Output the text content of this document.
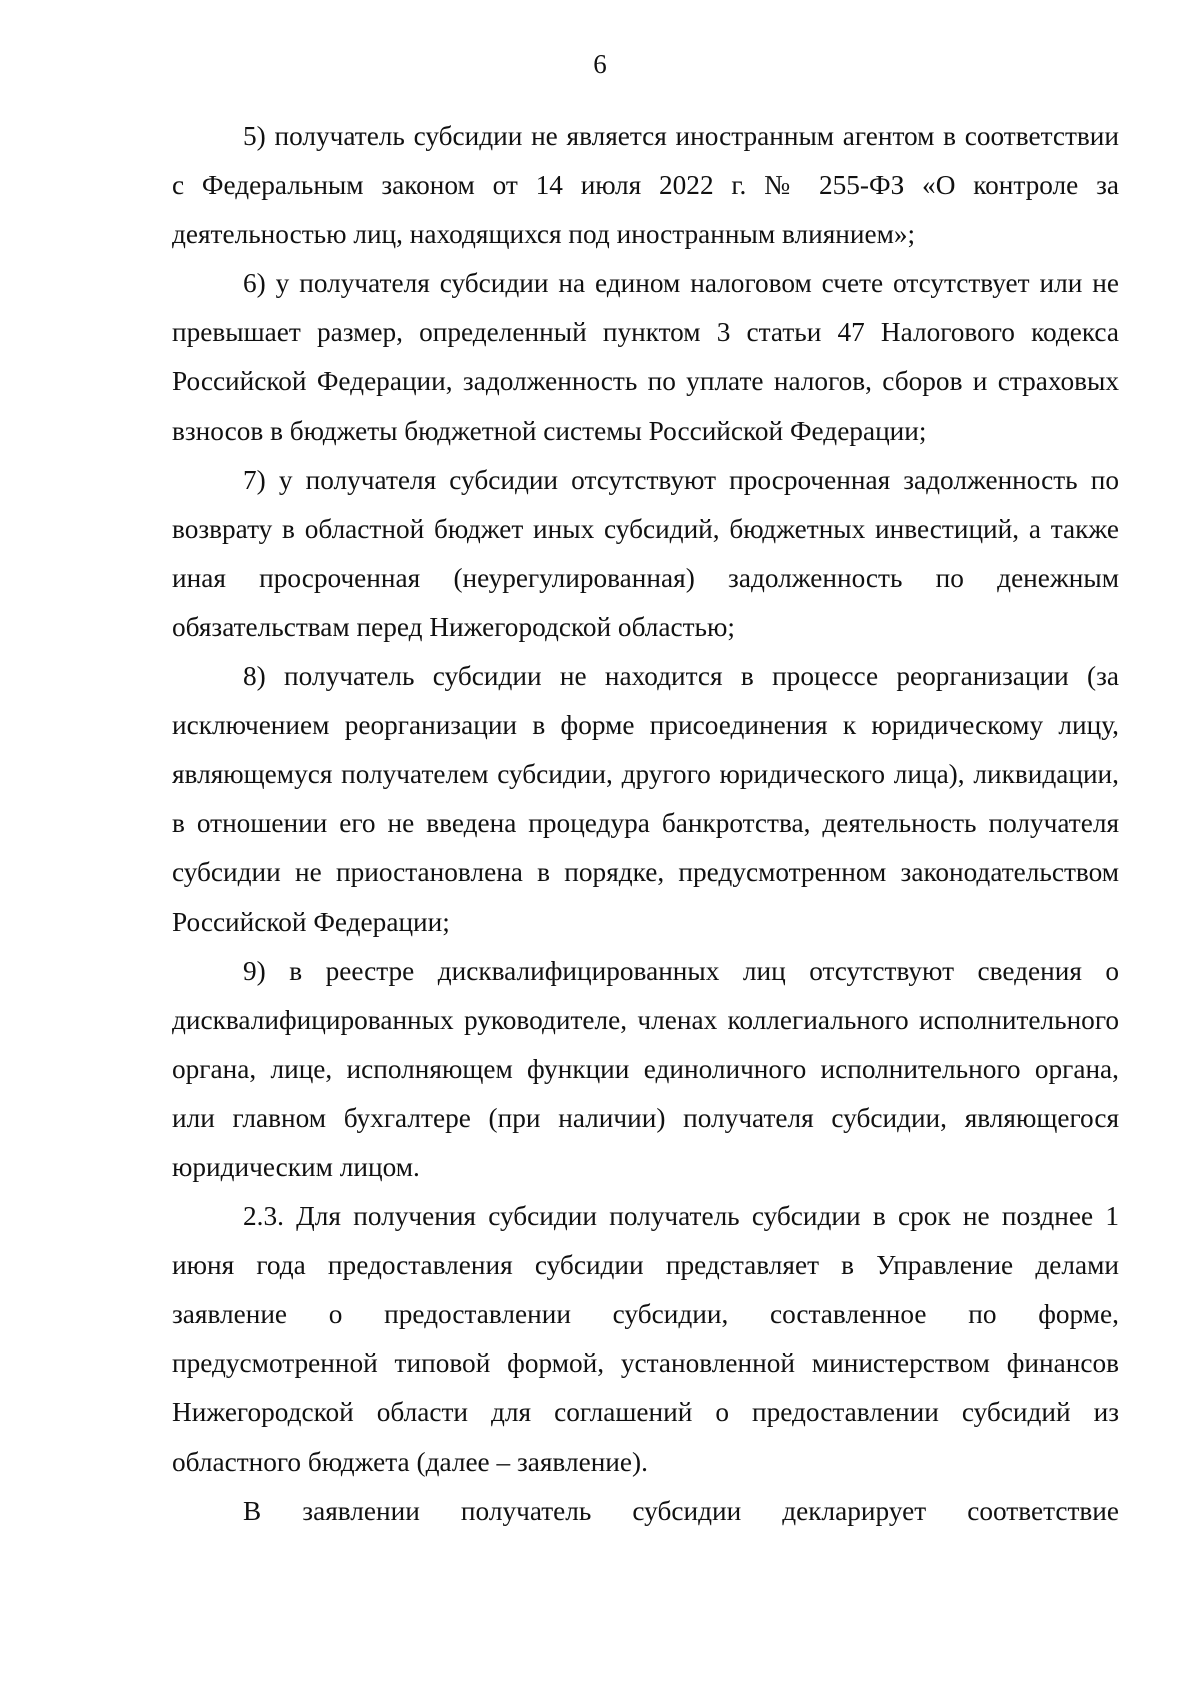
6

5) получатель субсидии не является иностранным агентом в соответствии с Федеральным законом от 14 июля 2022 г. № 255-ФЗ «О контроле за деятельностью лиц, находящихся под иностранным влиянием»;

6) у получателя субсидии на едином налоговом счете отсутствует или не превышает размер, определенный пунктом 3 статьи 47 Налогового кодекса Российской Федерации, задолженность по уплате налогов, сборов и страховых взносов в бюджеты бюджетной системы Российской Федерации;

7) у получателя субсидии отсутствуют просроченная задолженность по возврату в областной бюджет иных субсидий, бюджетных инвестиций, а также иная просроченная (неурегулированная) задолженность по денежным обязательствам перед Нижегородской областью;

8) получатель субсидии не находится в процессе реорганизации (за исключением реорганизации в форме присоединения к юридическому лицу, являющемуся получателем субсидии, другого юридического лица), ликвидации, в отношении его не введена процедура банкротства, деятельность получателя субсидии не приостановлена в порядке, предусмотренном законодательством Российской Федерации;

9) в реестре дисквалифицированных лиц отсутствуют сведения о дисквалифицированных руководителе, членах коллегиального исполнительного органа, лице, исполняющем функции единоличного исполнительного органа, или главном бухгалтере (при наличии) получателя субсидии, являющегося юридическим лицом.

2.3. Для получения субсидии получатель субсидии в срок не позднее 1 июня года предоставления субсидии представляет в Управление делами заявление о предоставлении субсидии, составленное по форме, предусмотренной типовой формой, установленной министерством финансов Нижегородской области для соглашений о предоставлении субсидий из областного бюджета (далее – заявление).

В заявлении получатель субсидии декларирует соответствие
